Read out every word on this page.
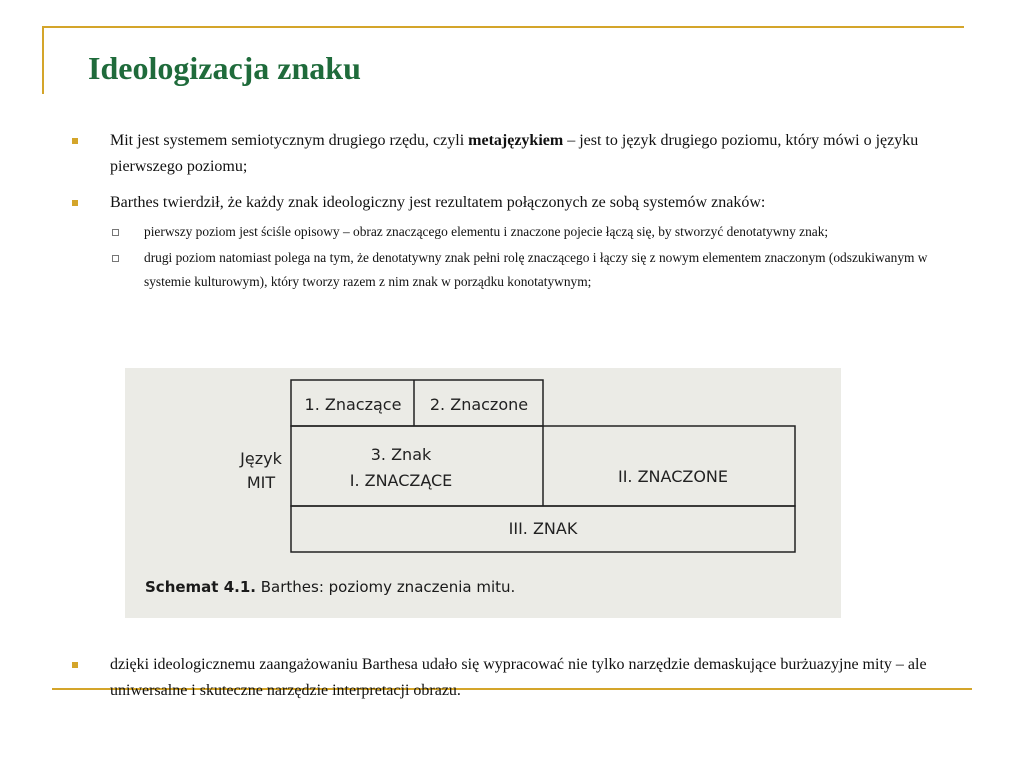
Ideologizacja znaku
Mit jest systemem semiotycznym drugiego rzędu, czyli metajęzykiem – jest to język drugiego poziomu, który mówi o języku pierwszego poziomu;
Barthes twierdził, że każdy znak ideologiczny jest rezultatem połączonych ze sobą systemów znaków:
pierwszy poziom jest ściśle opisowy – obraz znaczącego elementu i znaczone pojecie łączą się, by stworzyć denotatywny znak;
drugi poziom natomiast polega na tym, że denotatywny znak pełni rolę znaczącego i łączy się z nowym elementem znaczonym (odszukiwanym w systemie kulturowym), który tworzy razem z nim znak w porządku konotatywnym;
1. Znaczące 2. Znaczone
3. Znak
I. ZNACZĄCE	II. ZNACZONE
III. ZNAK
Język
MIT
Schemat 4.1. Barthes: poziomy znaczenia mitu.
dzięki ideologicznemu zaangażowaniu Barthesa udało się wypracować nie tylko narzędzie demaskujące burżuazyjne mity – ale uniwersalne i skuteczne narzędzie interpretacji obrazu.
